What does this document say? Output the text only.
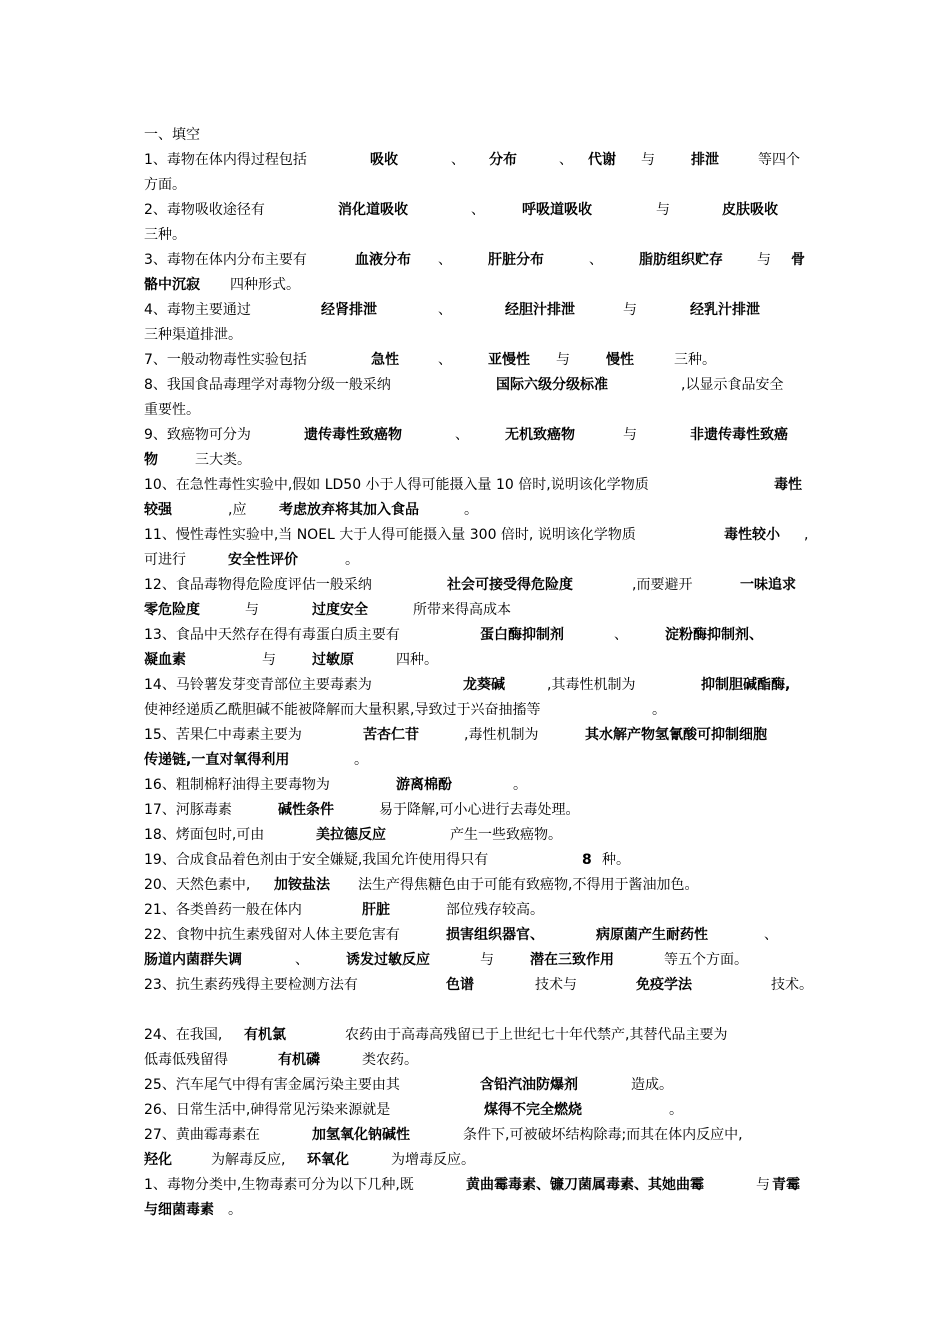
一、填空
1、毒物在体内得过程包括	吸收	、 分布	、 代谢 与	排泄	等四个
方面。
2、毒物吸收途径有	消化道吸收	、	呼吸道吸收	与	皮肤吸收
三种。
3、毒物在体内分布主要有	血液分布 、	肝脏分布	、	脂肪组织贮存 与 骨
骼中沉寂 四种形式。
4、毒物主要通过	经肾排泄	、	经胆汁排泄	与	经乳汁排泄
三种渠道排泄。
7、一般动物毒性实验包括	急性	、	亚慢性 与	慢性	三种。
8、我国食品毒理学对毒物分级一般采纳	国际六级分级标准	,以显示食品安全
重要性。
9、致癌物可分为	遗传毒性致癌物	、	无机致癌物	与	非遗传毒性致癌
物	三大类。
10、在急性毒性实验中,假如 LD50 小于人得可能摄入量 10 倍时,说明该化学物质	毒性
较强	,应 考虑放弃将其加入食品	。
11、慢性毒性实验中,当 NOEL 大于人得可能摄入量 300 倍时, 说明该化学物质	毒性较小 ,
可进行	安全性评价	。
12、食品毒物得危险度评估一般采纳	社会可接受得危险度	,而要避开	一味追求
零危险度	与	过度安全	所带来得高成本
13、食品中天然存在得有毒蛋白质主要有	蛋白酶抑制剂	、	淀粉酶抑制剂、
凝血素	与	过敏原	四种。
14、马铃薯发芽变青部位主要毒素为	龙葵碱	,其毒性机制为	抑制胆碱酯酶,
使神经递质乙酰胆碱不能被降解而大量积累,导致过于兴奋抽搐等	。
15、苦果仁中毒素主要为	苦杏仁苷	,毒性机制为	其水解产物氢氰酸可抑制细胞
传递链,一直对氧得利用	。
16、粗制棉籽油得主要毒物为	游离棉酚	。
17、河豚毒素	碱性条件	易于降解,可小心进行去毒处理。
18、烤面包时,可由	美拉德反应	产生一些致癌物。
19、合成食品着色剂由于安全嫌疑,我国允许使用得只有	8 种。
20、天然色素中, 加铵盐法 法生产得焦糖色由于可能有致癌物,不得用于酱油加色。
21、各类兽药一般在体内	肝脏	部位残存较高。
22、食物中抗生素残留对人体主要危害有	损害组织器官、	病原菌产生耐药性	、
肠道内菌群失调	、	诱发过敏反应	与	潜在三致作用	等五个方面。
23、抗生素药残得主要检测方法有	色谱	技术与	免疫学法	技术。
24、在我国, 有机氯	农药由于高毒高残留已于上世纪七十年代禁产,其替代品主要为
低毒低残留得	有机磷	类农药。
25、汽车尾气中得有害金属污染主要由其	含铅汽油防爆剂	造成。
26、日常生活中,砷得常见污染来源就是	煤得不完全燃烧	。
27、黄曲霉毒素在	加氢氧化钠碱性	条件下,可被破坏结构除毒;而其在体内反应中,
羟化	为解毒反应, 环氧化	为增毒反应。
1、毒物分类中,生物毒素可分为以下几种,既	黄曲霉毒素、镰刀菌属毒素、其她曲霉	与 青霉
与细菌毒素 。
